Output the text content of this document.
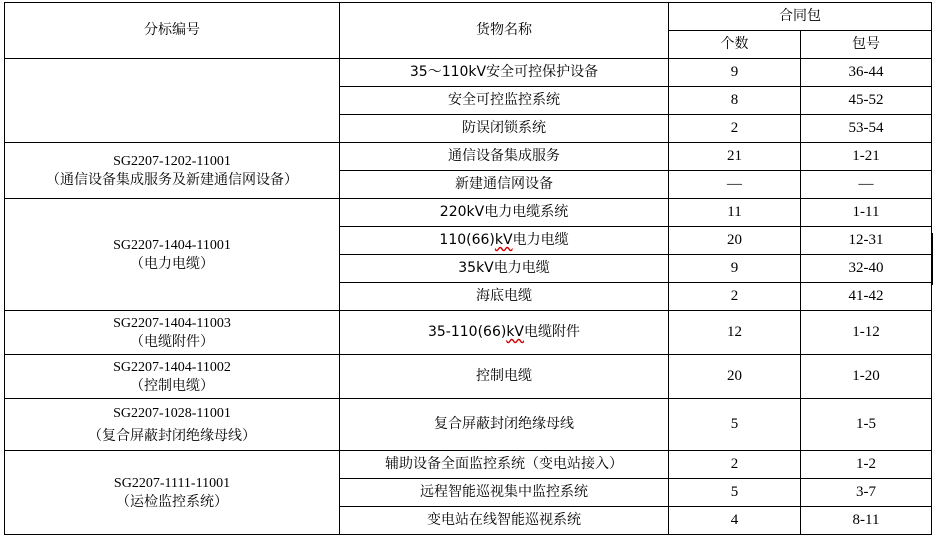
分标编号	货物名称	合同包	
		个数	包号
	35～110kV安全可控保护设备	9	36-44
	安全可控监控系统	8	45-52
	防误闭锁系统	2	53-54

SG2207-1202-11001
（通信设备集成服务及新建通信网设备）	通信设备集成服务	21	1-21
	新建通信网设备	—	—

SG2207-1404-11001
（电力电缆）	220kV电力电缆系统	11	1-11
	110(66)kV电力电缆	20	12-31
	35kV电力电缆	9	32-40
	海底电缆	2	41-42

SG2207-1404-11003
（电缆附件）	35-110(66)kV电缆附件	12	1-12

SG2207-1404-11002
（控制电缆）	控制电缆	20	1-20

SG2207-1028-11001
（复合屏蔽封闭绝缘母线）	复合屏蔽封闭绝缘母线	5	1-5

SG2207-1111-11001
（运检监控系统）	辅助设备全面监控系统（变电站接入）	2	1-2
	远程智能巡视集中监控系统	5	3-7
	变电站在线智能巡视系统	4	8-11
